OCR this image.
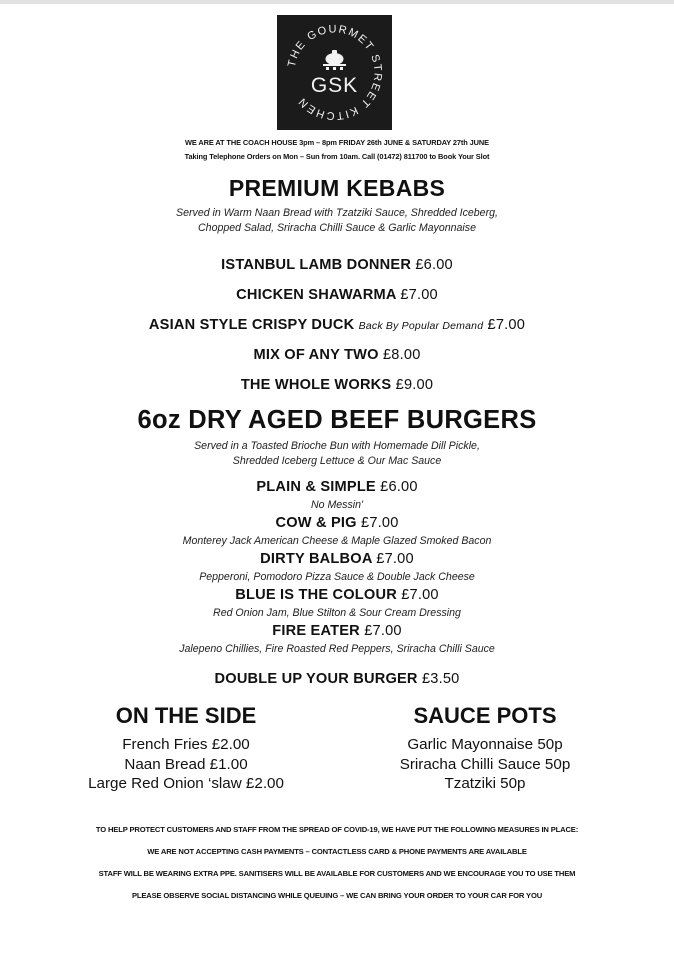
THE GOURMET STREET KITCHEN
GSK
WE ARE AT THE COACH HOUSE 3pm – 8pm FRIDAY 26th JUNE & SATURDAY 27th JUNE
Taking Telephone Orders on Mon – Sun from 10am. Call (01472) 811700 to Book Your Slot
PREMIUM KEBABS
Served in Warm Naan Bread with Tzatziki Sauce, Shredded Iceberg,
Chopped Salad, Sriracha Chilli Sauce & Garlic Mayonnaise
ISTANBUL LAMB DONNER £6.00
CHICKEN SHAWARMA £7.00
ASIAN STYLE CRISPY DUCK Back By Popular Demand £7.00
MIX OF ANY TWO £8.00
THE WHOLE WORKS £9.00
6oz DRY AGED BEEF BURGERS
Served in a Toasted Brioche Bun with Homemade Dill Pickle,
Shredded Iceberg Lettuce & Our Mac Sauce
PLAIN & SIMPLE £6.00
No Messin'
COW & PIG £7.00
Monterey Jack American Cheese & Maple Glazed Smoked Bacon
DIRTY BALBOA £7.00
Pepperoni, Pomodoro Pizza Sauce & Double Jack Cheese
BLUE IS THE COLOUR £7.00
Red Onion Jam, Blue Stilton & Sour Cream Dressing
FIRE EATER £7.00
Jalepeno Chillies, Fire Roasted Red Peppers, Sriracha Chilli Sauce
DOUBLE UP YOUR BURGER £3.50
ON THE SIDE
French Fries £2.00
Naan Bread £1.00
Large Red Onion ‘slaw £2.00
SAUCE POTS
Garlic Mayonnaise 50p
Sriracha Chilli Sauce 50p
Tzatziki 50p
TO HELP PROTECT CUSTOMERS AND STAFF FROM THE SPREAD OF COVID-19, WE HAVE PUT THE FOLLOWING MEASURES IN PLACE:
WE ARE NOT ACCEPTING CASH PAYMENTS – CONTACTLESS CARD & PHONE PAYMENTS ARE AVAILABLE
STAFF WILL BE WEARING EXTRA PPE. SANITISERS WILL BE AVAILABLE FOR CUSTOMERS AND WE ENCOURAGE YOU TO USE THEM
PLEASE OBSERVE SOCIAL DISTANCING WHILE QUEUING – WE CAN BRING YOUR ORDER TO YOUR CAR FOR YOU
